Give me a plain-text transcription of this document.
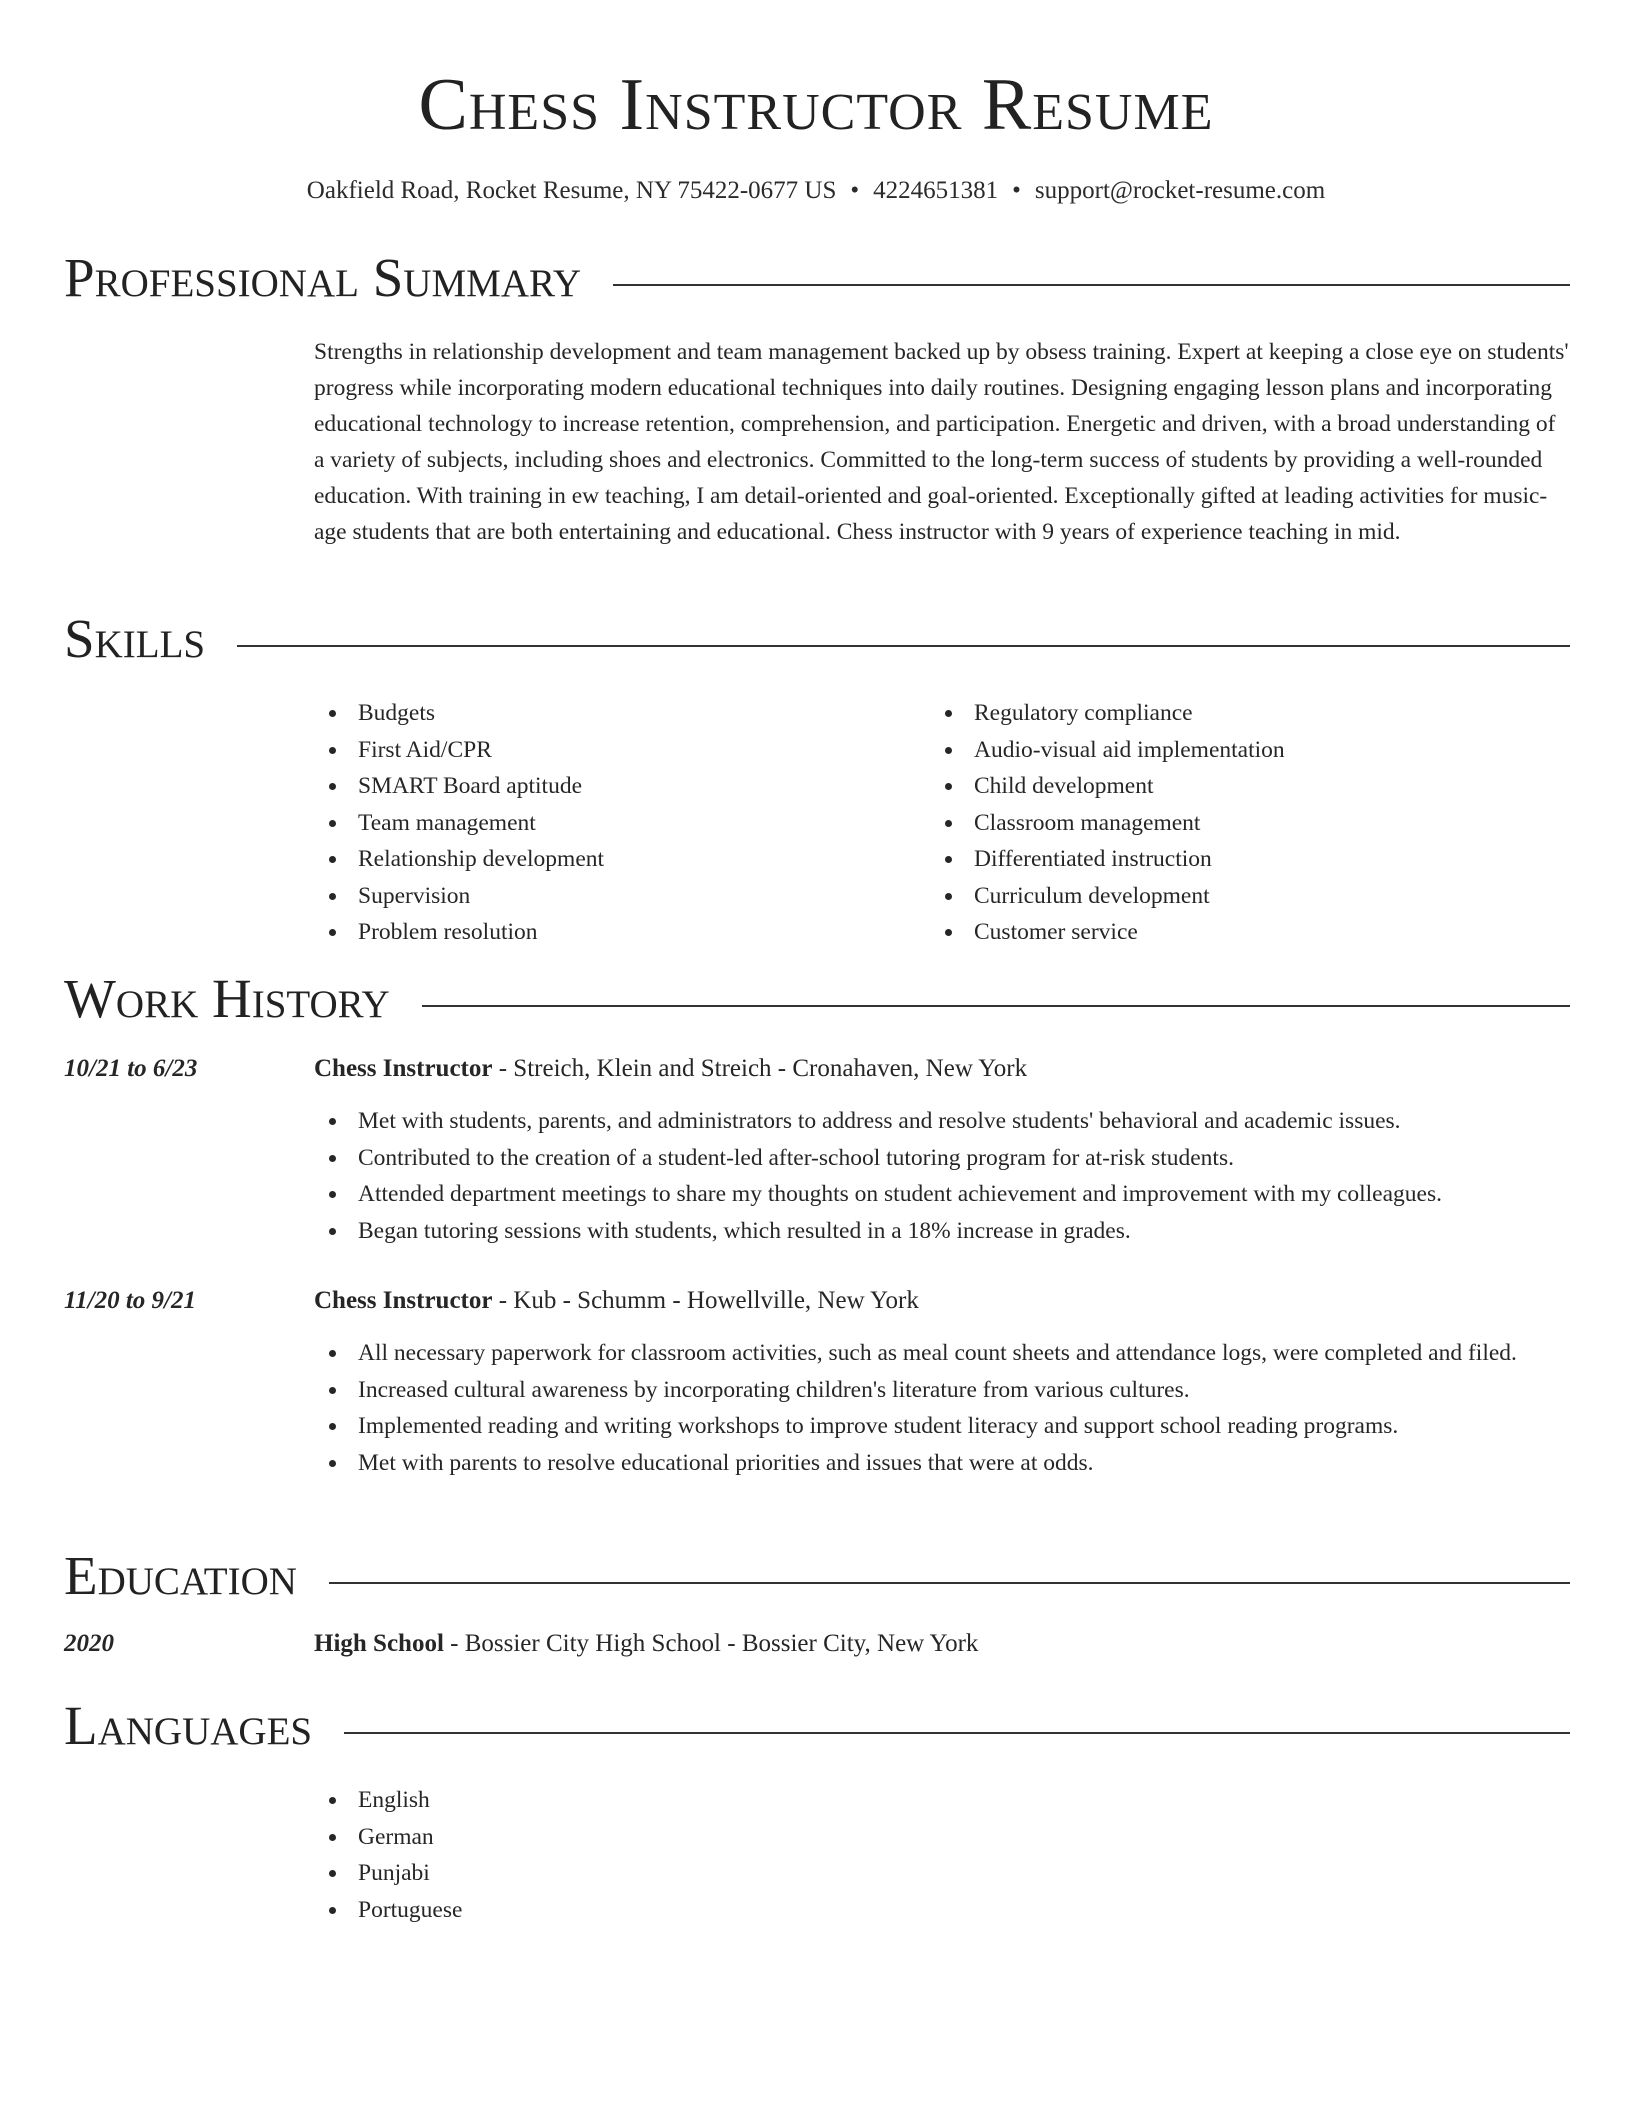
Chess Instructor Resume
Oakfield Road, Rocket Resume, NY 75422-0677 US • 4224651381 • support@rocket-resume.com
Professional Summary

Strengths in relationship development and team management backed up by obsess training. Expert at keeping a close eye on students' progress while incorporating modern educational techniques into daily routines. Designing engaging lesson plans and incorporating educational technology to increase retention, comprehension, and participation. Energetic and driven, with a broad understanding of a variety of subjects, including shoes and electronics. Committed to the long-term success of students by providing a well-rounded education. With training in ew teaching, I am detail-oriented and goal-oriented. Exceptionally gifted at leading activities for music-age students that are both entertaining and educational. Chess instructor with 9 years of experience teaching in mid.

Skills
Budgets
First Aid/CPR
SMART Board aptitude
Team management
Relationship development
Supervision
Problem resolution
Regulatory compliance
Audio-visual aid implementation
Child development
Classroom management
Differentiated instruction
Curriculum development
Customer service
Work History
10/21 to 6/23	Chess Instructor - Streich, Klein and Streich - Cronahaven, New York
Met with students, parents, and administrators to address and resolve students' behavioral and academic issues.
Contributed to the creation of a student-led after-school tutoring program for at-risk students.
Attended department meetings to share my thoughts on student achievement and improvement with my colleagues.
Began tutoring sessions with students, which resulted in a 18% increase in grades.
11/20 to 9/21	Chess Instructor - Kub - Schumm - Howellville, New York
All necessary paperwork for classroom activities, such as meal count sheets and attendance logs, were completed and filed.
Increased cultural awareness by incorporating children's literature from various cultures.
Implemented reading and writing workshops to improve student literacy and support school reading programs.
Met with parents to resolve educational priorities and issues that were at odds.
Education
2020	High School - Bossier City High School - Bossier City, New York
Languages
English
German
Punjabi
Portuguese
